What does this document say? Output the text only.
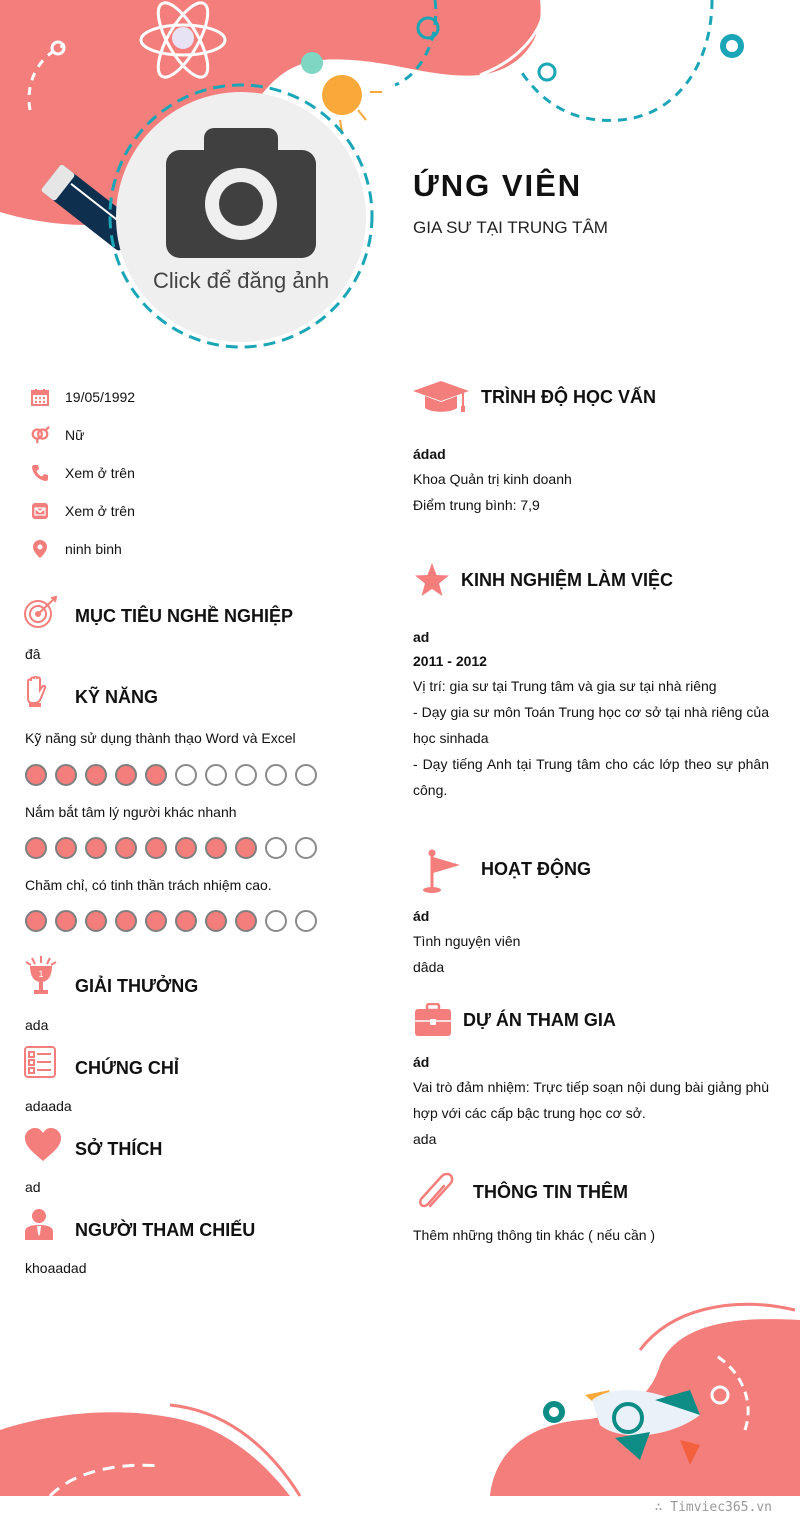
Click để đăng ảnh
ỨNG VIÊN
GIA SƯ TẠI TRUNG TÂM
19/05/1992
Nữ
Xem ở trên
Xem ở trên
ninh binh
MỤC TIÊU NGHỀ NGHIỆP
đâ
KỸ NĂNG
Kỹ năng sử dụng thành thạo Word và Excel
Nắm bắt tâm lý người khác nhanh
Chăm chỉ, có tinh thần trách nhiệm cao.
1
GIẢI THƯỞNG
ada
CHỨNG CHỈ
adaada
SỞ THÍCH
ad
NGƯỜI THAM CHIẾU
khoaadad
TRÌNH ĐỘ HỌC VẤN
ádad
Khoa Quản trị kinh doanh
Điểm trung bình: 7,9
KINH NGHIỆM LÀM VIỆC
ad
2011 - 2012
Vị trí: gia sư tại Trung tâm và gia sư tại nhà riêng
- Dạy gia sư môn Toán Trung học cơ sở tại nhà riêng của học sinhada
- Dạy tiếng Anh tại Trung tâm cho các lớp theo sự phân công.
HOẠT ĐỘNG
ád
Tình nguyện viên
dâda
DỰ ÁN THAM GIA
ád
Vai trò đảm nhiệm: Trực tiếp soạn nội dung bài giảng phù hợp với các cấp bậc trung học cơ sở.
ada
THÔNG TIN THÊM
Thêm những thông tin khác ( nếu cần )
∴ Timviec365.vn
